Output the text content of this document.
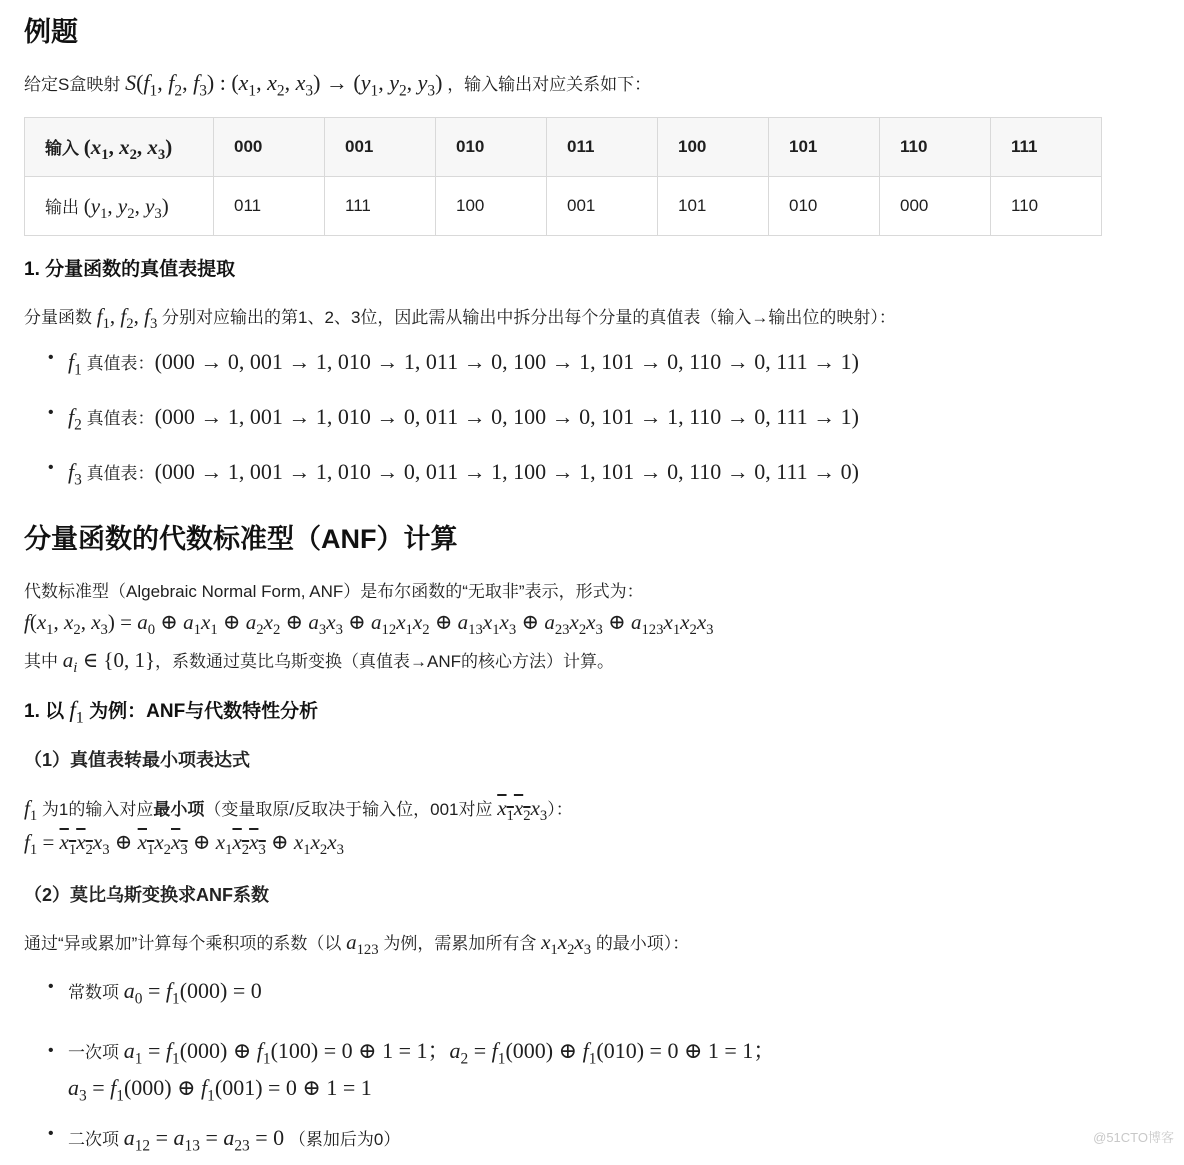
例题
给定S盒映射 $S(f_1$, $f_2$, $f_3$) : ($x_1$, $x_2$, $x_3) \to (y_1$, $y_2$, $y_3$) ，输入输出对应关系如下：
输入 ($x_1$, $x_2$, $x_3$)	000	001	010	011	100	101	110	111
输出 ($y_1$, $y_2$, $y_3$)	011	111	100	001	101	010	000	110
1. 分量函数的真值表提取

分量函数 $f_1$, $f_2$, $f_3$ 分别对应输出的第1、2、3位，因此需从输出中拆分出每个分量的真值表（输入→输出位的映射）：

• $f_1$ 真值表：(000 → 0, 001 → 1, 010 → 1, 011 → 0, 100 → 1, 101 → 0, 110 → 0, 111 → 1)
• $f_2$ 真值表：(000 → 1, 001 → 1, 010 → 0, 011 → 0, 100 → 0, 101 → 1, 110 → 0, 111 → 1)
• $f_3$ 真值表：(000 → 1, 001 → 1, 010 → 0, 011 → 1, 100 → 1, 101 → 0, 110 → 0, 111 → 0)
分量函数的代数标准型（ANF）计算

代数标准型（Algebraic Normal Form, ANF）是布尔函数的“无取非”表示，形式为：

$f(x_1$, $x_2$, $x_3) = a_0$ ⊕ $a_1x_1$ ⊕ $a_2x_2$ ⊕ $a_3x_3$ ⊕ $a_{12}x_1x_2$ ⊕ $a_{13}x_1x_3$ ⊕ $a_{23}x_2x_3$ ⊕ $a_{123}x_1x_2x_3$

其中 $a_i$ ∈ {0, 1}，系数通过莫比乌斯变换（真值表→ANF的核心方法）计算。

1. 以 $f_1$ 为例：ANF与代数特性分析
（1）真值表转最小项表达式

$f_1$ 为1的输入对应最小项（变量取原/反取决于输入位，001对应 $x_1x_2x_3$）：

$f_1 = x_1x_2x_3$ ⊕ $x_1x_2x_3$ ⊕ $x_1x_2x_3$ ⊕ $x_1x_2x_3$

（2）莫比乌斯变换求ANF系数

通过“异或累加”计算每个乘积项的系数（以 $a_{123}$ 为例，需累加所有含 $x_1x_2x_3$ 的最小项）：

• 常数项 $a_0 = f_1(000) = 0$
• 一次项 $a_1 = f_1(000)$ ⊕ $f_1(100) = 0$ ⊕ 1 = 1；$a_2 = f_1(000)$ ⊕ $f_1(010) = 0$ ⊕ 1 = 1；
$a_3 = f_1(000)$ ⊕ $f_1(001) = 0$ ⊕ 1 = 1
• 二次项 $a_{12} = a_{13} = a_{23} = 0$ （累加后为0）	@51CTO博客
